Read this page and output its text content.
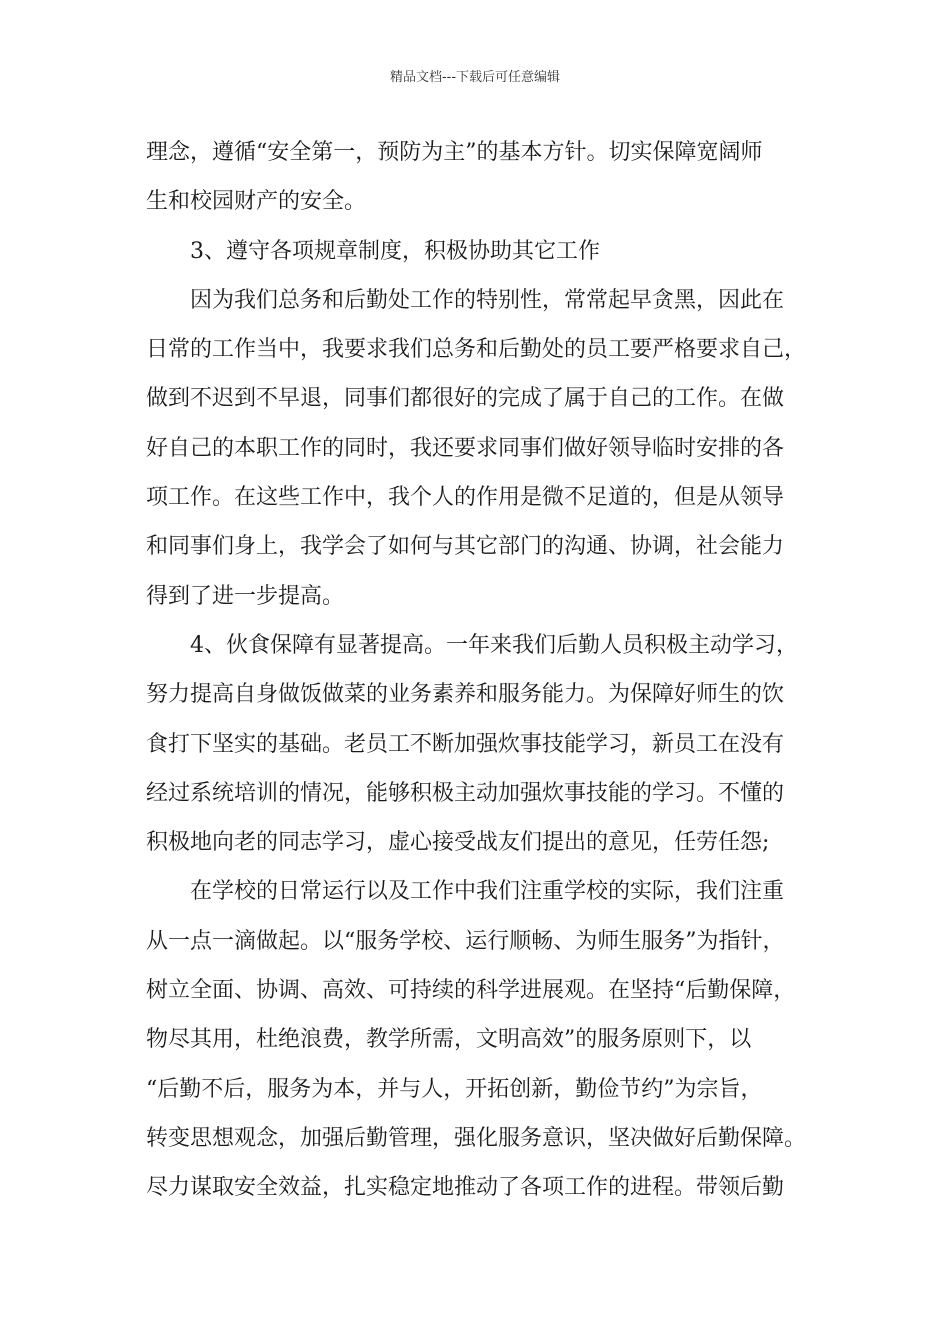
精品文档---下载后可任意编辑
理念，遵循“安全第一，预防为主”的基本方针。切实保障宽阔师
生和校园财产的安全。
3、遵守各项规章制度，积极协助其它工作
因为我们总务和后勤处工作的特别性，常常起早贪黑，因此在
日常的工作当中，我要求我们总务和后勤处的员工要严格要求自己，
做到不迟到不早退，同事们都很好的完成了属于自己的工作。在做
好自己的本职工作的同时，我还要求同事们做好领导临时安排的各
项工作。在这些工作中，我个人的作用是微不足道的，但是从领导
和同事们身上，我学会了如何与其它部门的沟通、协调，社会能力
得到了进一步提高。
4、伙食保障有显著提高。一年来我们后勤人员积极主动学习，
努力提高自身做饭做菜的业务素养和服务能力。为保障好师生的饮
食打下坚实的基础。老员工不断加强炊事技能学习，新员工在没有
经过系统培训的情况，能够积极主动加强炊事技能的学习。不懂的
积极地向老的同志学习，虚心接受战友们提出的意见，任劳任怨;
在学校的日常运行以及工作中我们注重学校的实际，我们注重
从一点一滴做起。以“服务学校、运行顺畅、为师生服务”为指针，
树立全面、协调、高效、可持续的科学进展观。在坚持“后勤保障，
物尽其用，杜绝浪费，教学所需，文明高效”的服务原则下，以
“后勤不后，服务为本，并与人，开拓创新，勤俭节约”为宗旨，
转变思想观念，加强后勤管理，强化服务意识，坚决做好后勤保障。
尽力谋取安全效益，扎实稳定地推动了各项工作的进程。带领后勤
